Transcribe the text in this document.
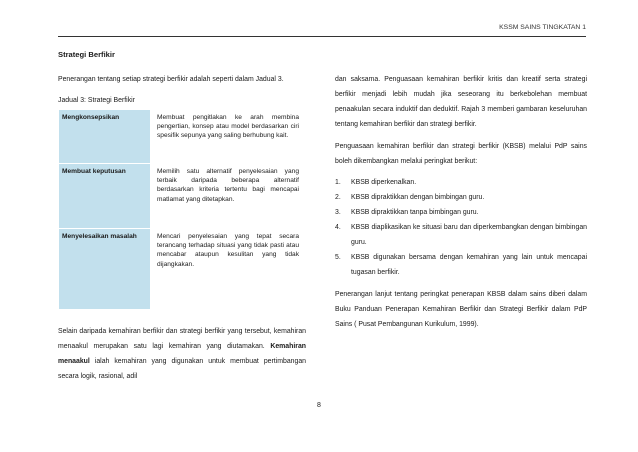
KSSM SAINS TINGKATAN 1
Strategi Berfikir

Penerangan tentang setiap strategi berfikir adalah seperti dalam Jadual 3.

Jadual 3: Strategi Berfikir
Mengkonsepsikan	Membuat pengitlakan ke arah membina pengertian, konsep atau model berdasarkan ciri spesifik sepunya yang saling berhubung kait.
Membuat keputusan	Memilih satu alternatif penyelesaian yang terbaik daripada beberapa alternatif berdasarkan kriteria tertentu bagi mencapai matlamat yang ditetapkan.
Menyelesaikan masalah	Mencari penyelesaian yang tepat secara terancang terhadap situasi yang tidak pasti atau mencabar ataupun kesulitan yang tidak dijangkakan.

Selain daripada kemahiran berfikir dan strategi berfikir yang tersebut, kemahiran menaakul merupakan satu lagi kemahiran yang diutamakan. Kemahiran menaakul ialah kemahiran yang digunakan untuk membuat pertimbangan secara logik, rasional, adil

dan saksama. Penguasaan kemahiran berfikir kritis dan kreatif serta strategi berfikir menjadi lebih mudah jika seseorang itu berkebolehan membuat penaakulan secara induktif dan deduktif. Rajah 3 memberi gambaran keseluruhan tentang kemahiran berfikir dan strategi berfikir.

Penguasaan kemahiran berfikir dan strategi berfikir (KBSB) melalui PdP sains boleh dikembangkan melalui peringkat berikut:

1.	KBSB diperkenalkan.
2.	KBSB dipraktikkan dengan bimbingan guru.
3.	KBSB dipraktikkan tanpa bimbingan guru.
4.	KBSB diaplikasikan ke situasi baru dan diperkembangkan dengan bimbingan guru.
5.	KBSB digunakan bersama dengan kemahiran yang lain untuk mencapai tugasan berfikir.

Penerangan lanjut tentang peringkat penerapan KBSB dalam sains diberi dalam Buku Panduan Penerapan Kemahiran Berfikir dan Strategi Berfikir dalam PdP Sains ( Pusat Pembangunan Kurikulum, 1999).

8
